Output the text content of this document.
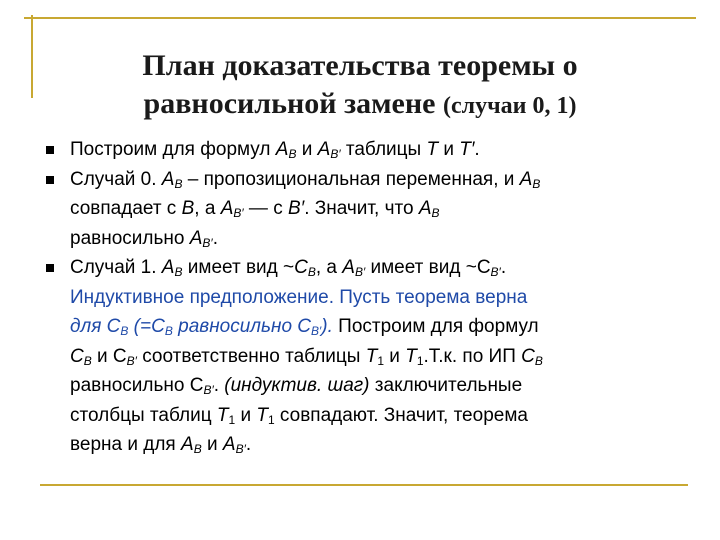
План доказательства теоремы о
равносильной замене (случаи 0, 1)
Построим для формул $A_B$ и $A_{B'}$ таблицы T и T′.
Случай 0. $A_B$ – пропозициональная переменная, и $A_B$
совпадает с B, а $A_{B'}$ — с B′. Значит, что $A_B$
равносильно $A_{B'}$.
Случай 1. $A_B$ имеет вид $\sim C_B$, а $A_{B'}$ имеет вид $\sim C_{B'}$.
Индуктивное предположение. Пусть теорема верна
для $C_B$ ($=C_B$ равносильно $C_{B'}$). Построим для формул
$C_B$ и $C_{B'}$ соответственно таблицы $T_1$ и $T_1.Т.к$. по ИП $C_B$
равносильно $C_{B'}$. (индуктив. шаг) заключительные
столбцы таблиц $T_1$ и $T_1$ совпадают. Значит, теорема
верна и для $A_B$ и $A_{B'}$.
